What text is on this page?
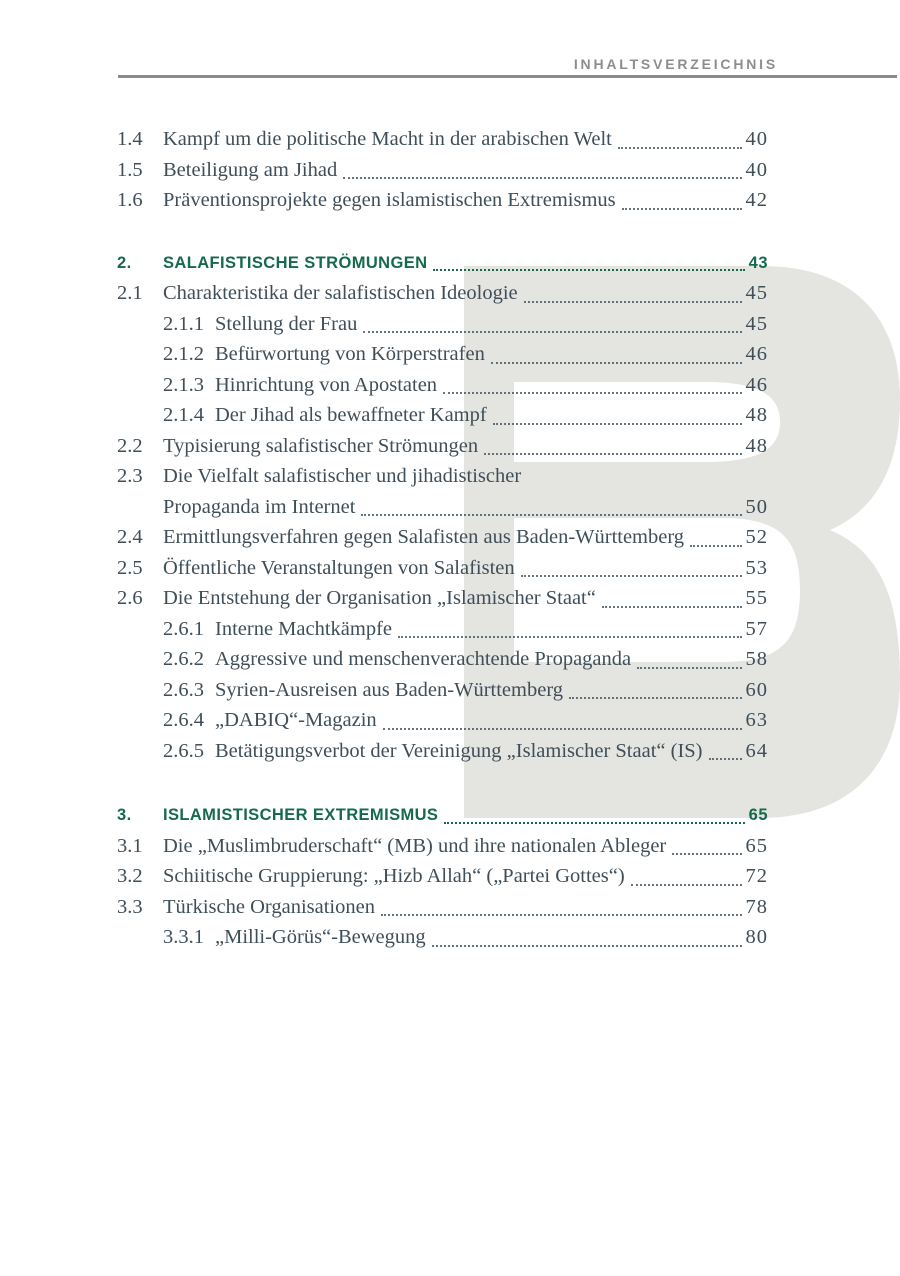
INHALTSVERZEICHNIS
1.4 Kampf um die politische Macht in der arabischen Welt	40
1.5 Beteiligung am Jihad	40
1.6 Präventionsprojekte gegen islamistischen Extremismus	42
2.	SALAFISTISCHE STRÖMUNGEN	43
2.1 Charakteristika der salafistischen Ideologie	45
2.1.1 Stellung der Frau	45
2.1.2 Befürwortung von Körperstrafen	46
2.1.3 Hinrichtung von Apostaten	46
2.1.4 Der Jihad als bewaffneter Kampf	48
2.2 Typisierung salafistischer Strömungen	48
2.3 Die Vielfalt salafistischer und jihadistischer
Propaganda im Internet	50
2.4 Ermittlungsverfahren gegen Salafisten aus Baden-Württemberg	52
2.5 Öffentliche Veranstaltungen von Salafisten	53
2.6 Die Entstehung der Organisation „Islamischer Staat“	55
2.6.1 Interne Machtkämpfe	57
2.6.2 Aggressive und menschenverachtende Propaganda	58
2.6.3 Syrien-Ausreisen aus Baden-Württemberg	60
2.6.4 „DABIQ“-Magazin	63
2.6.5 Betätigungsverbot der Vereinigung „Islamischer Staat“ (IS) 64
3.	ISLAMISTISCHER EXTREMISMUS	65
3.1 Die „Muslimbruderschaft“ (MB) und ihre nationalen Ableger	65
3.2 Schiitische Gruppierung: „Hizb Allah“ („Partei Gottes“)	72
3.3 Türkische Organisationen	78
3.3.1 „Milli-Görüs“-Bewegung	80
